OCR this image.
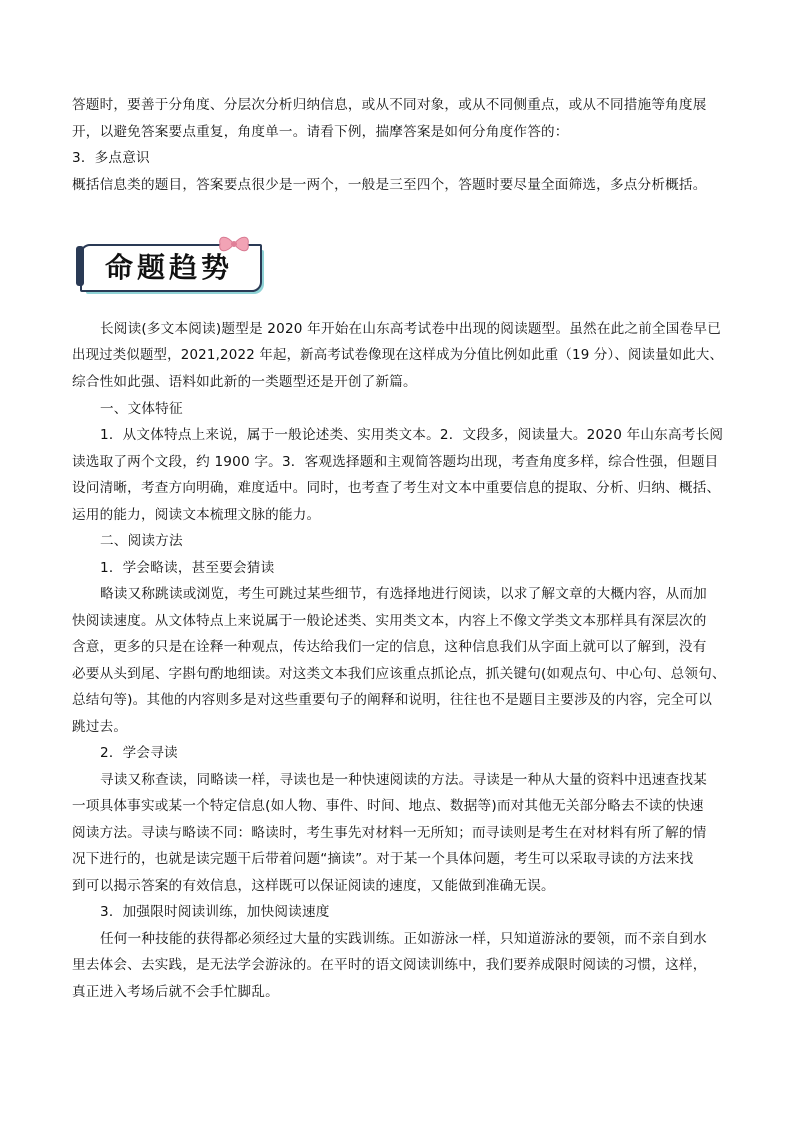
答题时，要善于分角度、分层次分析归纳信息，或从不同对象，或从不同侧重点，或从不同措施等角度展
开，以避免答案要点重复，角度单一。请看下例，揣摩答案是如何分角度作答的：
3．多点意识
概括信息类的题目，答案要点很少是一两个，一般是三至四个，答题时要尽量全面筛选，多点分析概括。
命题趋势
长阅读(多文本阅读)题型是 2020 年开始在山东高考试卷中出现的阅读题型。虽然在此之前全国卷早已
出现过类似题型，2021,2022 年起，新高考试卷像现在这样成为分值比例如此重（19 分）、阅读量如此大、
综合性如此强、语料如此新的一类题型还是开创了新篇。
一、文体特征
1．从文体特点上来说，属于一般论述类、实用类文本。2．文段多，阅读量大。2020 年山东高考长阅
读选取了两个文段，约 1900 字。3．客观选择题和主观简答题均出现，考查角度多样，综合性强，但题目
设问清晰，考查方向明确，难度适中。同时，也考查了考生对文本中重要信息的提取、分析、归纳、概括、
运用的能力，阅读文本梳理文脉的能力。
二、阅读方法
1．学会略读，甚至要会猜读
略读又称跳读或浏览，考生可跳过某些细节，有选择地进行阅读，以求了解文章的大概内容，从而加
快阅读速度。从文体特点上来说属于一般论述类、实用类文本，内容上不像文学类文本那样具有深层次的
含意，更多的只是在诠释一种观点，传达给我们一定的信息，这种信息我们从字面上就可以了解到，没有
必要从头到尾、字斟句酌地细读。对这类文本我们应该重点抓论点，抓关键句(如观点句、中心句、总领句、
总结句等)。其他的内容则多是对这些重要句子的阐释和说明，往往也不是题目主要涉及的内容，完全可以
跳过去。
2．学会寻读
寻读又称查读，同略读一样，寻读也是一种快速阅读的方法。寻读是一种从大量的资料中迅速查找某
一项具体事实或某一个特定信息(如人物、事件、时间、地点、数据等)而对其他无关部分略去不读的快速
阅读方法。寻读与略读不同：略读时，考生事先对材料一无所知；而寻读则是考生在对材料有所了解的情
况下进行的，也就是读完题干后带着问题“摘读”。对于某一个具体问题，考生可以采取寻读的方法来找
到可以揭示答案的有效信息，这样既可以保证阅读的速度，又能做到准确无误。
3．加强限时阅读训练，加快阅读速度
任何一种技能的获得都必须经过大量的实践训练。正如游泳一样，只知道游泳的要领，而不亲自到水
里去体会、去实践，是无法学会游泳的。在平时的语文阅读训练中，我们要养成限时阅读的习惯，这样，
真正进入考场后就不会手忙脚乱。
